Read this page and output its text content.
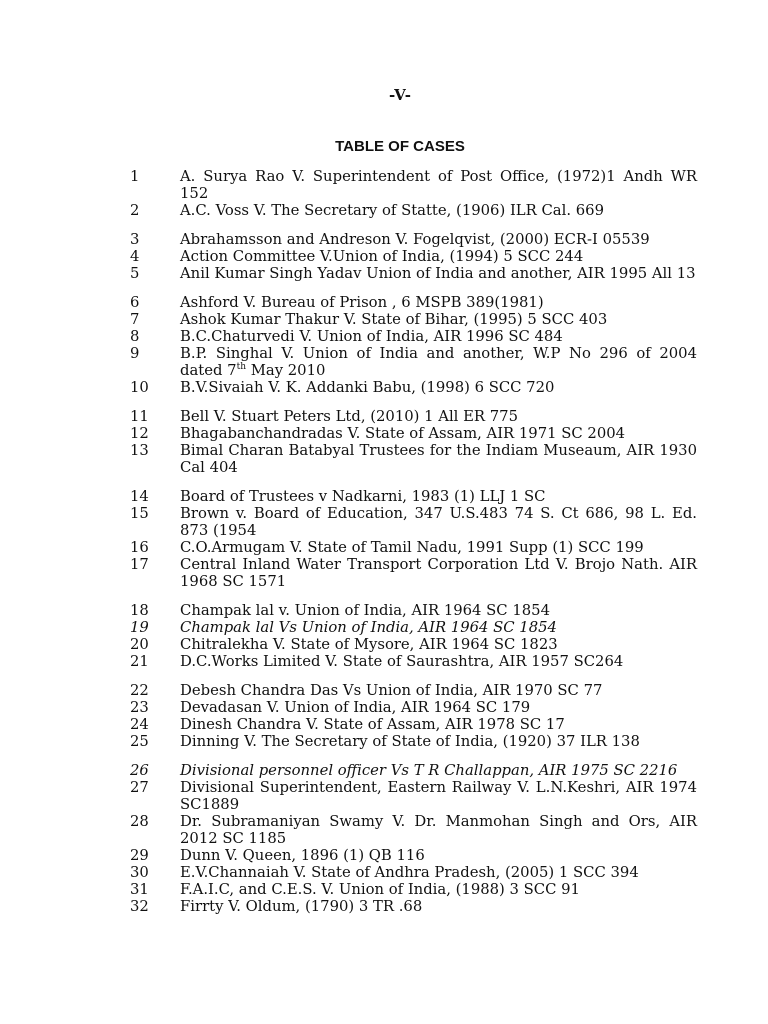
-V-
TABLE OF CASES
1	A. Surya Rao V. Superintendent of Post Office, (1972)1 Andh WR 152
2	A.C. Voss V. The Secretary of Statte, (1906) ILR Cal. 669
3	Abrahamsson and Andreson V. Fogelqvist, (2000) ECR-I 05539
4	Action Committee V.Union of India, (1994) 5 SCC 244
5	Anil Kumar Singh Yadav Union of India and another, AIR 1995 All 13
6	Ashford V. Bureau of Prison , 6 MSPB 389(1981)
7	Ashok Kumar Thakur V. State of Bihar, (1995) 5 SCC 403
8	B.C.Chaturvedi V. Union of India, AIR 1996 SC 484
9	B.P. Singhal V. Union of India and another, W.P No 296 of 2004 dated 7th May 2010
10	B.V.Sivaiah V. K. Addanki Babu, (1998) 6 SCC 720
11	Bell V. Stuart Peters Ltd, (2010) 1 All ER 775
12	Bhagabanchandradas V. State of Assam, AIR 1971 SC 2004
13	Bimal Charan Batabyal Trustees for the Indiam Museaum, AIR 1930 Cal 404
14	Board of Trustees v Nadkarni, 1983 (1) LLJ 1 SC
15	Brown v. Board of Education, 347 U.S.483 74 S. Ct 686, 98 L. Ed. 873 (1954
16	C.O.Armugam V. State of Tamil Nadu, 1991 Supp (1) SCC 199
17	Central Inland Water Transport Corporation Ltd V. Brojo Nath. AIR 1968 SC 1571
18	Champak lal v. Union of India, AIR 1964 SC 1854
19	Champak lal Vs Union of India, AIR 1964 SC 1854
20	Chitralekha V. State of Mysore, AIR 1964 SC 1823
21	D.C.Works Limited V. State of Saurashtra, AIR 1957 SC264
22	Debesh Chandra Das Vs Union of India, AIR 1970 SC 77
23	Devadasan V. Union of India, AIR 1964 SC 179
24	Dinesh Chandra V. State of Assam, AIR 1978 SC 17
25	Dinning V. The Secretary of State of India, (1920) 37 ILR 138
26	Divisional personnel officer Vs T R Challappan, AIR 1975 SC 2216
27	Divisional Superintendent, Eastern Railway V. L.N.Keshri, AIR 1974 SC1889
28	Dr. Subramaniyan Swamy V. Dr. Manmohan Singh and Ors, AIR 2012 SC 1185
29	Dunn V. Queen, 1896 (1) QB 116
30	E.V.Channaiah V. State of Andhra Pradesh, (2005) 1 SCC 394
31	F.A.I.C, and C.E.S. V. Union of India, (1988) 3 SCC 91
32	Firrty V. Oldum, (1790) 3 TR .68
